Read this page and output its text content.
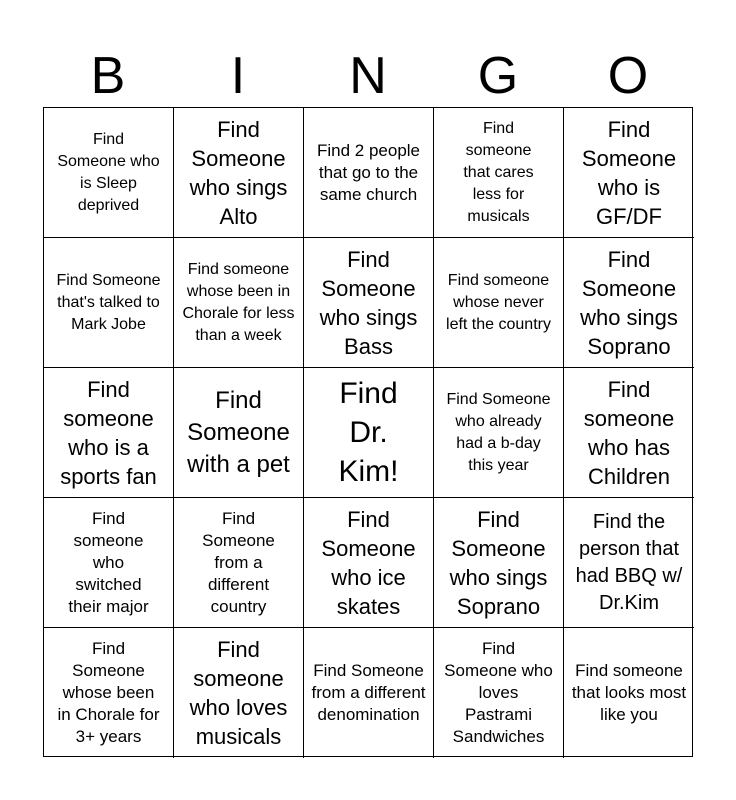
B	I	N	G	O
Find Someone who is Sleep deprived
Find Someone who sings Alto
Find 2 people that go to the same church
Find someone that cares less for musicals
Find Someone who is GF/DF
Find Someone that's talked to Mark Jobe
Find someone whose been in Chorale for less than a week
Find Someone who sings Bass
Find someone whose never left the country
Find Someone who sings Soprano
Find someone who is a sports fan
Find Someone with a pet
Find Dr. Kim!
Find Someone who already had a b-day this year
Find someone who has Children
Find someone who switched their major
Find Someone from a different country
Find Someone who ice skates
Find Someone who sings Soprano
Find the person that had BBQ w/ Dr.Kim
Find Someone whose been in Chorale for 3+ years
Find someone who loves musicals
Find Someone from a different denomination
Find Someone who loves Pastrami Sandwiches
Find someone that looks most like you
